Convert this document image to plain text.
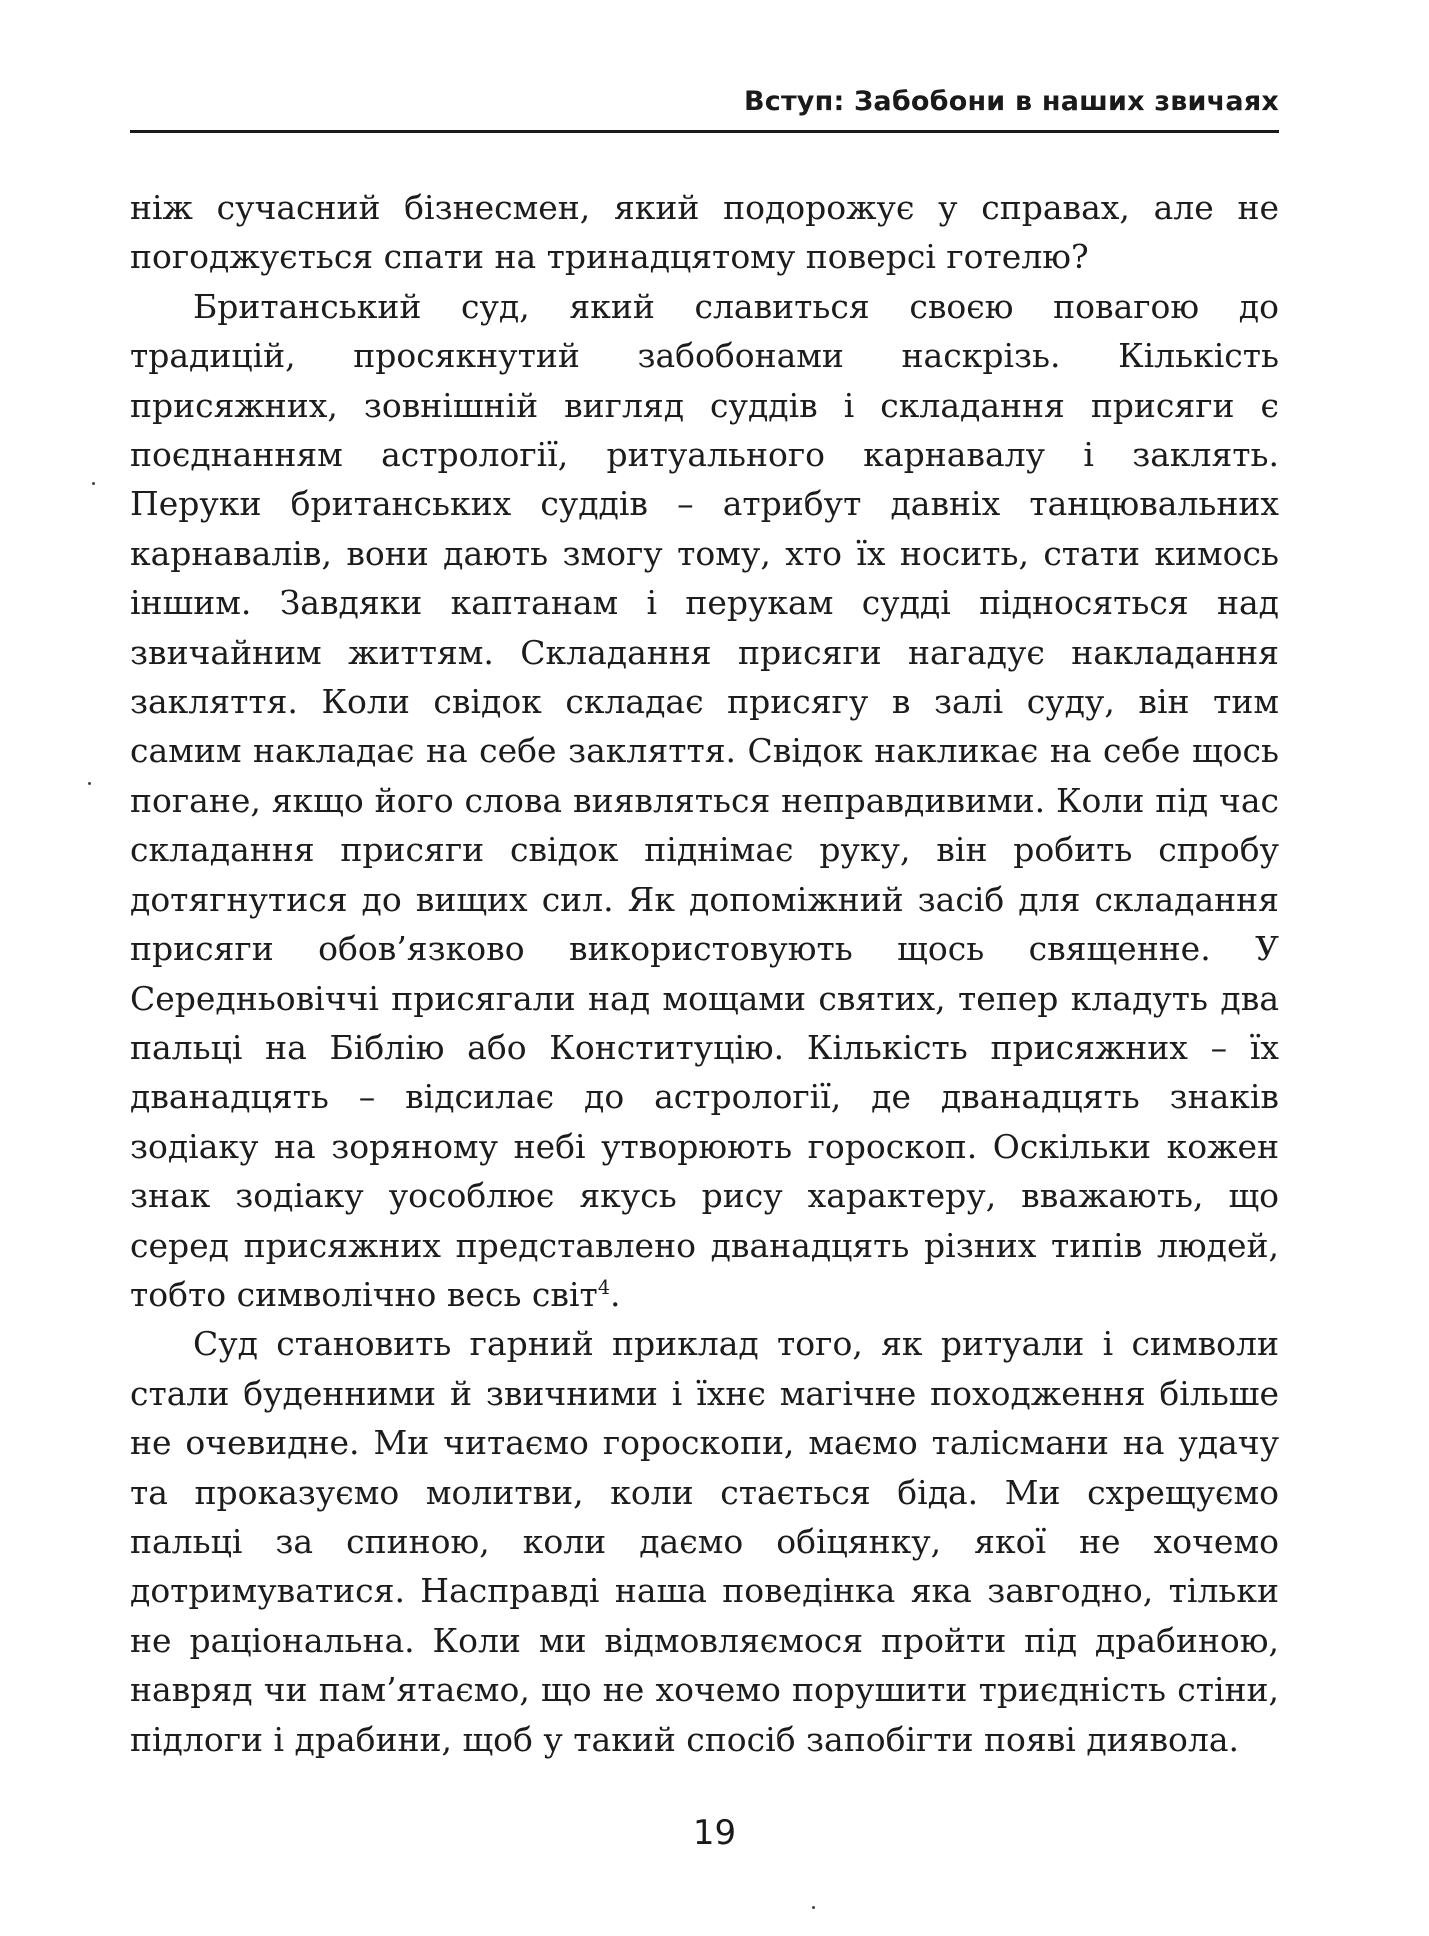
Вступ: Забобони в наших звичаях

ніж сучасний бізнесмен, який подорожує у справах, але не погоджується спати на тринадцятому поверсі готелю?

Британський суд, який славиться своєю повагою до традицій, просякнутий забобонами наскрізь. Кількість присяжних, зовнішній вигляд суддів і складання присяги є поєднанням астрології, ритуального карнавалу і заклять. Перуки британських суддів – атрибут давніх танцювальних карнавалів, вони дають змогу тому, хто їх носить, стати кимось іншим. Завдяки каптанам і перукам судді підносяться над звичайним життям. Складання присяги нагадує накладання закляття. Коли свідок складає присягу в залі суду, він тим самим накладає на себе закляття. Свідок накликає на себе щось погане, якщо його слова виявляться неправдивими. Коли під час складання присяги свідок піднімає руку, він робить спробу дотягнутися до вищих сил. Як допоміжний засіб для складання присяги обов’язково використовують щось священне. У Середньовіччі присягали над мощами святих, тепер кладуть два пальці на Біблію або Конституцію. Кількість присяжних – їх дванадцять – відсилає до астрології, де дванадцять знаків зодіаку на зоряному небі утворюють гороскоп. Оскільки кожен знак зодіаку уособлює якусь рису характеру, вважають, що серед присяжних представлено дванадцять різних типів людей, тобто символічно весь світ$^4$.

Суд становить гарний приклад того, як ритуали і символи стали буденними й звичними і їхнє магічне походження більше не очевидне. Ми читаємо гороскопи, маємо талісмани на удачу та проказуємо молитви, коли стається біда. Ми схрещуємо пальці за спиною, коли даємо обіцянку, якої не хочемо дотримуватися. Насправді наша поведінка яка завгодно, тільки не раціональна. Коли ми відмовляємося пройти під драбиною, навряд чи пам’ятаємо, що не хочемо порушити триєдність стіни, підлоги і драбини, щоб у такий спосіб запобігти появі диявола.

19
